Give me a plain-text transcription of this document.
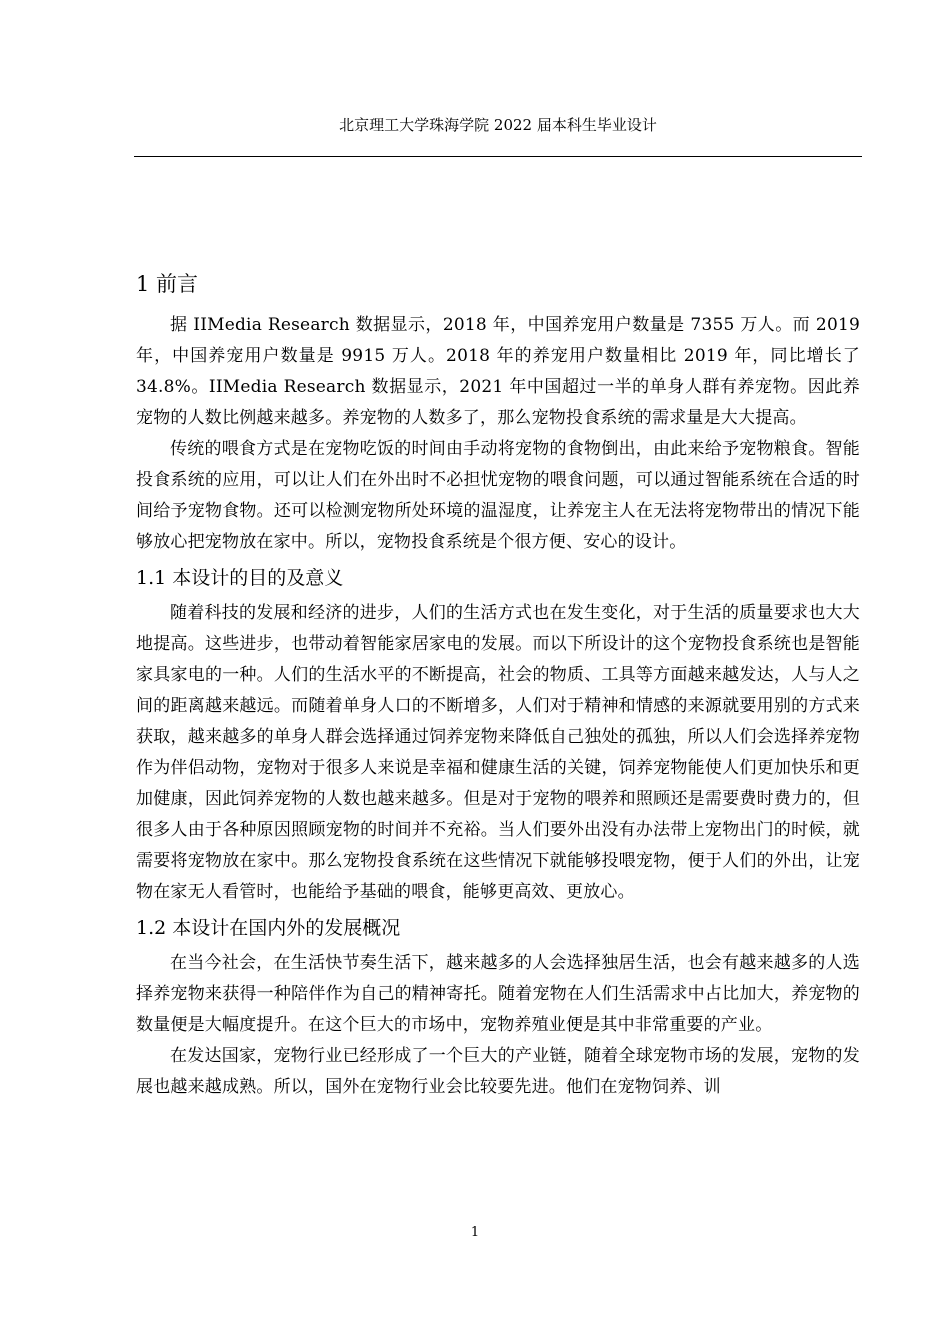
北京理工大学珠海学院 2022 届本科生毕业设计
1 前言

据 IIMedia Research 数据显示，2018 年，中国养宠用户数量是 7355 万人。而 2019 年，中国养宠用户数量是 9915 万人。2018 年的养宠用户数量相比 2019 年，同比增长了 34.8%。IIMedia Research 数据显示，2021 年中国超过一半的单身人群有养宠物。因此养宠物的人数比例越来越多。养宠物的人数多了，那么宠物投食系统的需求量是大大提高。

传统的喂食方式是在宠物吃饭的时间由手动将宠物的食物倒出，由此来给予宠物粮食。智能投食系统的应用，可以让人们在外出时不必担忧宠物的喂食问题，可以通过智能系统在合适的时间给予宠物食物。还可以检测宠物所处环境的温湿度，让养宠主人在无法将宠物带出的情况下能够放心把宠物放在家中。所以，宠物投食系统是个很方便、安心的设计。

1.1 本设计的目的及意义

随着科技的发展和经济的进步，人们的生活方式也在发生变化，对于生活的质量要求也大大地提高。这些进步，也带动着智能家居家电的发展。而以下所设计的这个宠物投食系统也是智能家具家电的一种。人们的生活水平的不断提高，社会的物质、工具等方面越来越发达，人与人之间的距离越来越远。而随着单身人口的不断增多，人们对于精神和情感的来源就要用别的方式来获取，越来越多的单身人群会选择通过饲养宠物来降低自己独处的孤独，所以人们会选择养宠物作为伴侣动物，宠物对于很多人来说是幸福和健康生活的关键，饲养宠物能使人们更加快乐和更加健康，因此饲养宠物的人数也越来越多。但是对于宠物的喂养和照顾还是需要费时费力的，但很多人由于各种原因照顾宠物的时间并不充裕。当人们要外出没有办法带上宠物出门的时候，就需要将宠物放在家中。那么宠物投食系统在这些情况下就能够投喂宠物，便于人们的外出，让宠物在家无人看管时，也能给予基础的喂食，能够更高效、更放心。

1.2 本设计在国内外的发展概况

在当今社会，在生活快节奏生活下，越来越多的人会选择独居生活，也会有越来越多的人选择养宠物来获得一种陪伴作为自己的精神寄托。随着宠物在人们生活需求中占比加大，养宠物的数量便是大幅度提升。在这个巨大的市场中，宠物养殖业便是其中非常重要的产业。

在发达国家，宠物行业已经形成了一个巨大的产业链，随着全球宠物市场的发展，宠物的发展也越来越成熟。所以，国外在宠物行业会比较要先进。他们在宠物饲养、训

1
